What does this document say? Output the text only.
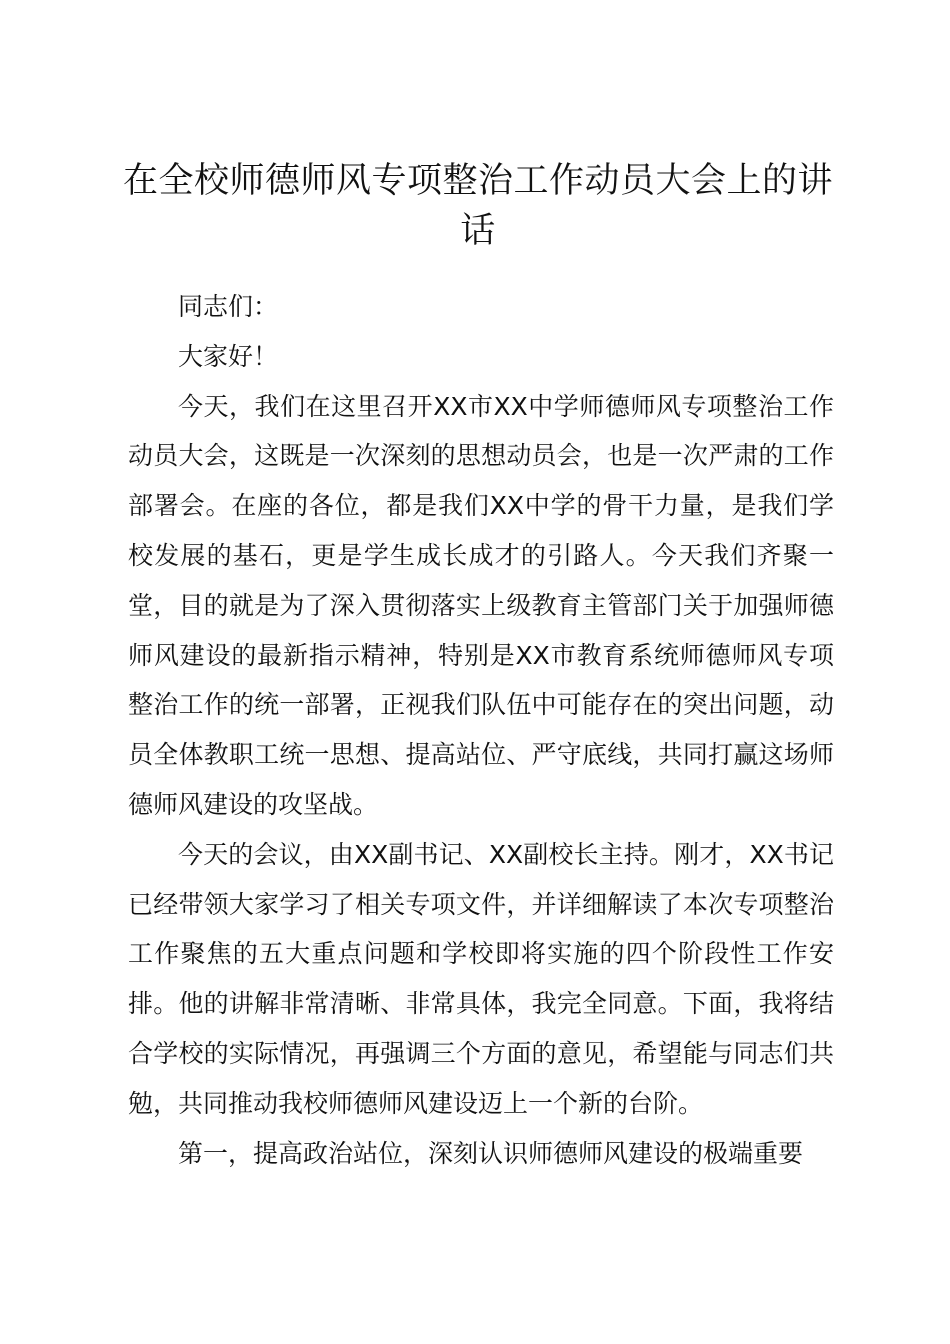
在全校师德师风专项整治工作动员大会上的讲话

同志们：

大家好！

今天，我们在这里召开XX市XX中学师德师风专项整治工作动员大会，这既是一次深刻的思想动员会，也是一次严肃的工作部署会。在座的各位，都是我们XX中学的骨干力量，是我们学校发展的基石，更是学生成长成才的引路人。今天我们齐聚一堂，目的就是为了深入贯彻落实上级教育主管部门关于加强师德师风建设的最新指示精神，特别是XX市教育系统师德师风专项整治工作的统一部署，正视我们队伍中可能存在的突出问题，动员全体教职工统一思想、提高站位、严守底线，共同打赢这场师德师风建设的攻坚战。

今天的会议，由XX副书记、XX副校长主持。刚才，XX书记已经带领大家学习了相关专项文件，并详细解读了本次专项整治工作聚焦的五大重点问题和学校即将实施的四个阶段性工作安排。他的讲解非常清晰、非常具体，我完全同意。下面，我将结合学校的实际情况，再强调三个方面的意见，希望能与同志们共勉，共同推动我校师德师风建设迈上一个新的台阶。

第一，提高政治站位，深刻认识师德师风建设的极端重要
